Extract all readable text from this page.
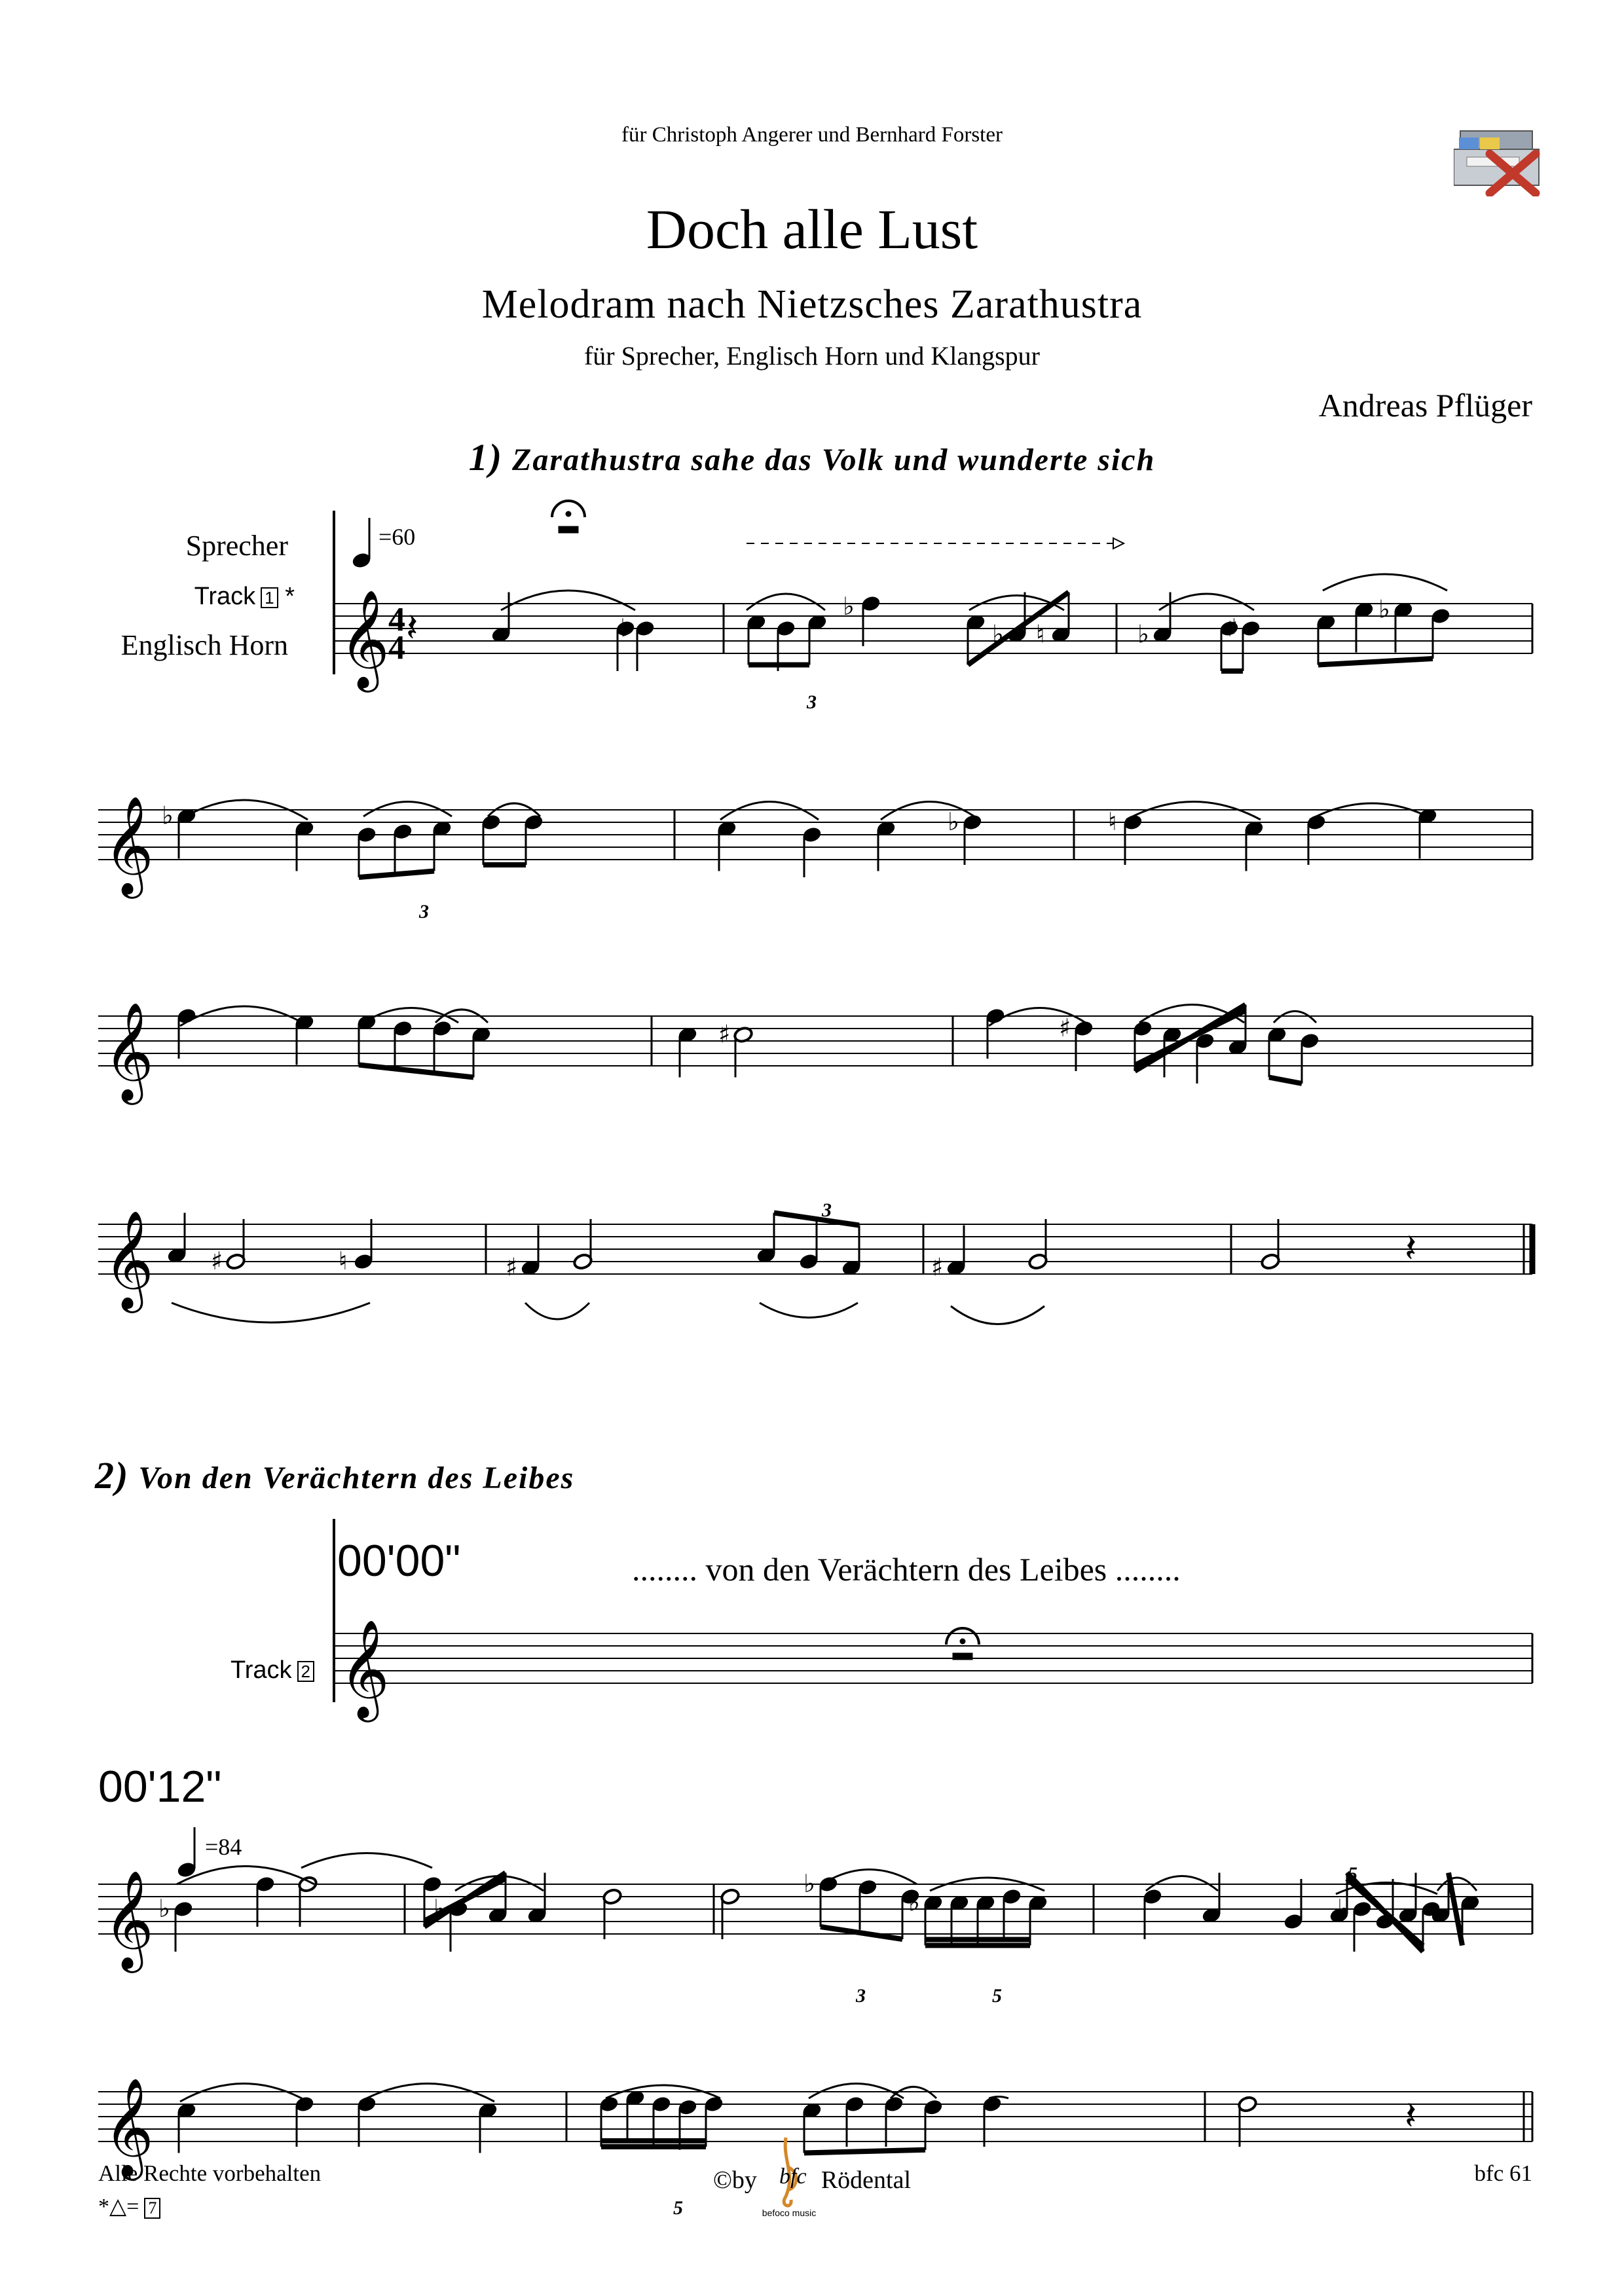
für Christoph Angerer und Bernhard Forster
Doch alle Lust
Melodram nach Nietzsches Zarathustra
für Sprecher, Englisch Horn und Klangspur
Andreas Pflüger
1) Zarathustra sahe das Volk und wunderte sich
Sprecher
Track 1 *
Englisch Horn
2) Von den Verächtern des Leibes
00'00"	........ von den Verächtern des Leibes ........
Track 2
00'12"
𝄞
𝄞
𝄞
𝄞
𝄽	♭
♭
♭ ♮	♭	♯
♭
♭	♭	♮
♯	♯
♯	♮	♯	♯	𝄽
𝄞
𝄞
𝄞
♭	♭
♭
♭	♭
𝄽
=60
4
4
3
3
3
=84
3	5
5
5
Alle Rechte vorbehalten
*△= 7
bfc 61
©by bfc
befoco music
Rödental
